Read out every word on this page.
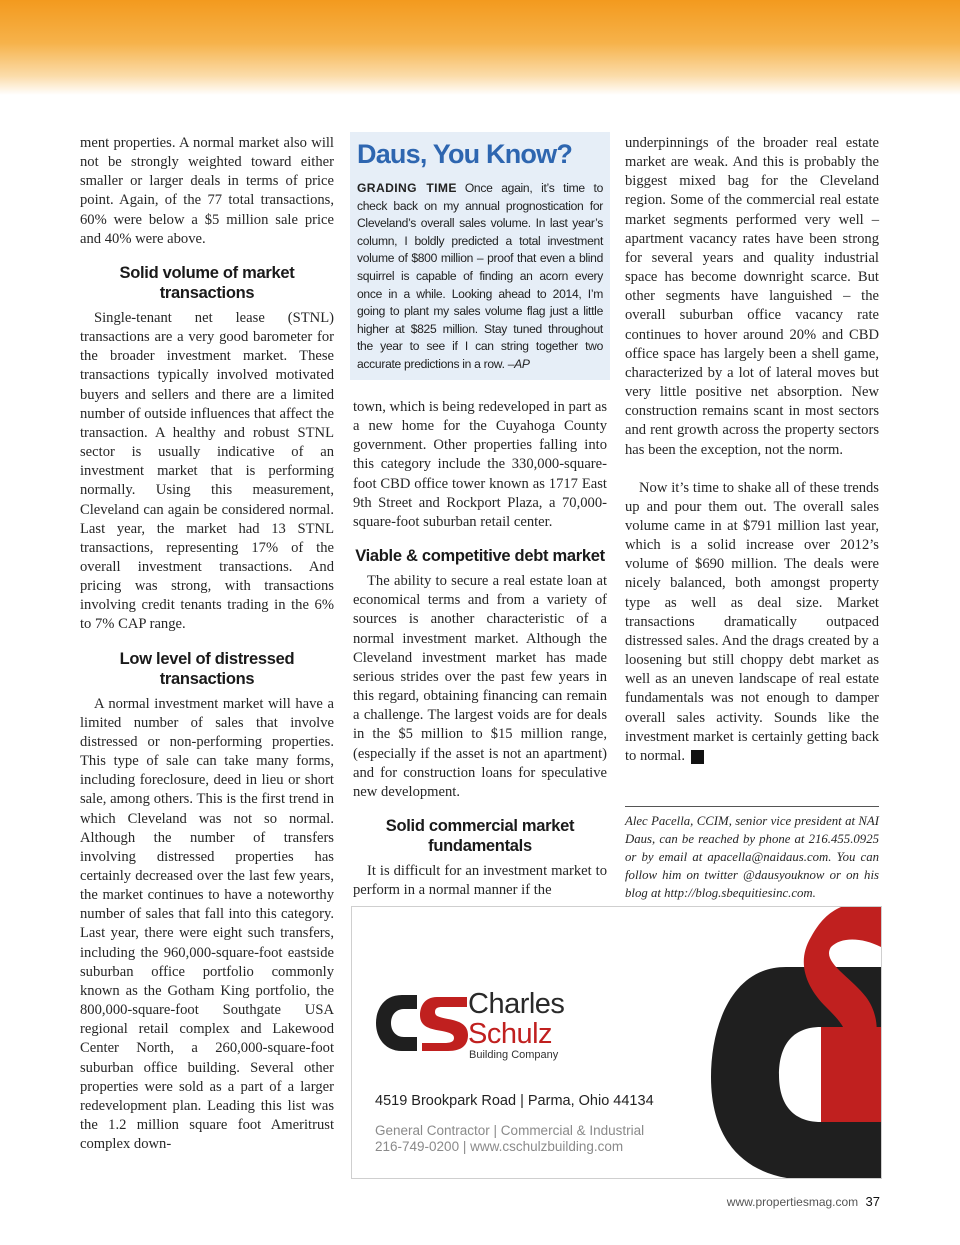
ment properties. A normal market also will not be strongly weighted toward either smaller or larger deals in terms of price point. Again, of the 77 total transactions, 60% were below a $5 million sale price and 40% were above.

Solid volume of market transactions

Single-tenant net lease (STNL) transactions are a very good barometer for the broader investment market. These transactions typically involved motivated buyers and sellers and there are a limited number of outside influences that affect the transaction. A healthy and robust STNL sector is usually indicative of an investment market that is performing normally. Using this measurement, Cleveland can again be considered normal. Last year, the market had 13 STNL transactions, representing 17% of the overall investment transactions. And pricing was strong, with transactions involving credit tenants trading in the 6% to 7% CAP range.

Low level of distressed transactions

A normal investment market will have a limited number of sales that involve distressed or non-performing properties. This type of sale can take many forms, including foreclosure, deed in lieu or short sale, among others. This is the first trend in which Cleveland was not so normal. Although the number of transfers involving distressed properties has certainly decreased over the last few years, the market continues to have a noteworthy number of sales that fall into this category. Last year, there were eight such transfers, including the 960,000-square-foot eastside suburban office portfolio commonly known as the Gotham King portfolio, the 800,000-square-foot Southgate USA regional retail complex and Lakewood Center North, a 260,000-square-foot suburban office building. Several other properties were sold as a part of a larger redevelopment plan. Leading this list was the 1.2 million square foot Ameritrust complex down-

Daus, You Know?

GRADING TIME Once again, it’s time to check back on my annual prognostication for Cleveland’s overall sales volume. In last year’s column, I boldly predicted a total investment volume of $800 million – proof that even a blind squirrel is capable of finding an acorn every once in a while. Looking ahead to 2014, I’m going to plant my sales volume flag just a little higher at $825 million. Stay tuned throughout the year to see if I can string together two accurate predictions in a row. –AP

town, which is being redeveloped in part as a new home for the Cuyahoga County government. Other properties falling into this category include the 330,000-square-foot CBD office tower known as 1717 East 9th Street and Rockport Plaza, a 70,000-square-foot suburban retail center.

Viable & competitive debt market

The ability to secure a real estate loan at economical terms and from a variety of sources is another characteristic of a normal investment market. Although the Cleveland investment market has made serious strides over the past few years in this regard, obtaining financing can remain a challenge. The largest voids are for deals in the $5 million to $15 million range, (especially if the asset is not an apartment) and for construction loans for speculative new development.

Solid commercial market fundamentals

It is difficult for an investment market to perform in a normal manner if the

underpinnings of the broader real estate market are weak. And this is probably the biggest mixed bag for the Cleveland region. Some of the commercial real estate market segments performed very well – apartment vacancy rates have been strong for several years and quality industrial space has become downright scarce. But other segments have languished – the overall suburban office vacancy rate continues to hover around 20% and CBD office space has largely been a shell game, characterized by a lot of lateral moves but very little positive net absorption. New construction remains scant in most sectors and rent growth across the property sectors has been the exception, not the norm.

Now it’s time to shake all of these trends up and pour them out. The overall sales volume came in at $791 million last year, which is a solid increase over 2012’s volume of $690 million. The deals were nicely balanced, both amongst property type as well as deal size. Market transactions dramatically outpaced distressed sales. And the drags created by a loosening but still choppy debt market as well as an uneven landscape of real estate fundamentals was not enough to damper overall sales activity. Sounds like the investment market is certainly getting back to normal. P

Alec Pacella, CCIM, senior vice president at NAI Daus, can be reached by phone at 216.455.0925 or by email at apacella@naidaus.com. You can follow him on twitter @dausyouknow or on his blog at http://blog.sbequitiesinc.com.
Charles
Schulz
Building Company
4519 Brookpark Road | Parma, Ohio 44134
General Contractor | Commercial & Industrial
216-749-0200 | www.cschulzbuilding.com
www.propertiesmag.com 37
